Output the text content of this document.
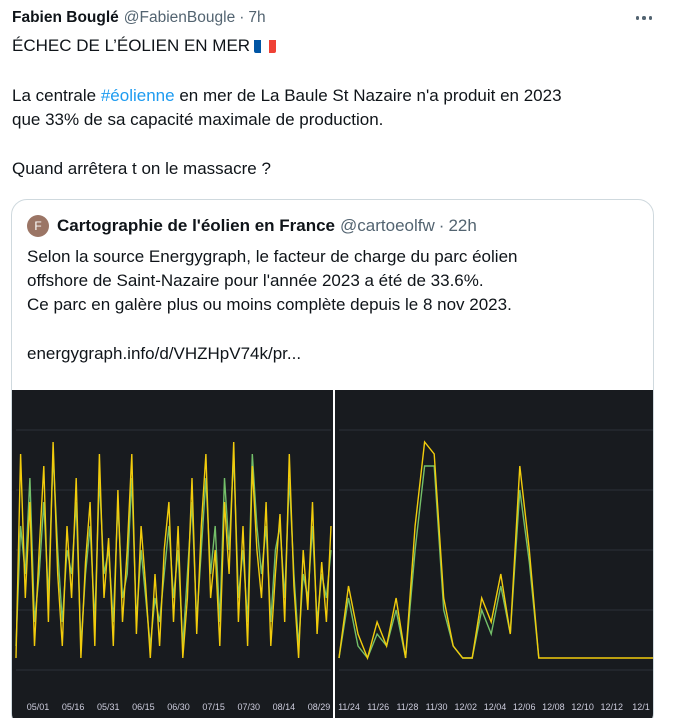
Fabien Bouglé @FabienBougle · 7h
ÉCHEC DE L’ÉOLIEN EN MER
La centrale #éolienne en mer de La Baule St Nazaire n'a produit en 2023
que 33% de sa capacité maximale de production.
Quand arrêtera t on le massacre ?
F Cartographie de l'éolien en France @cartoeolfw · 22h
Selon la source Energygraph, le facteur de charge du parc éolien
offshore de Saint-Nazaire pour l'année 2023 a été de 33.6%.
Ce parc en galère plus ou moins complète depuis le 8 nov 2023.
energygraph.info/d/VHZHpV74k/pr...
05/01 05/16 05/31 06/15 06/30 07/15 07/30 08/14 08/29 11/24 11/26 11/28 11/30 12/02 12/04 12/06 12/08 12/10 12/12 12/1
